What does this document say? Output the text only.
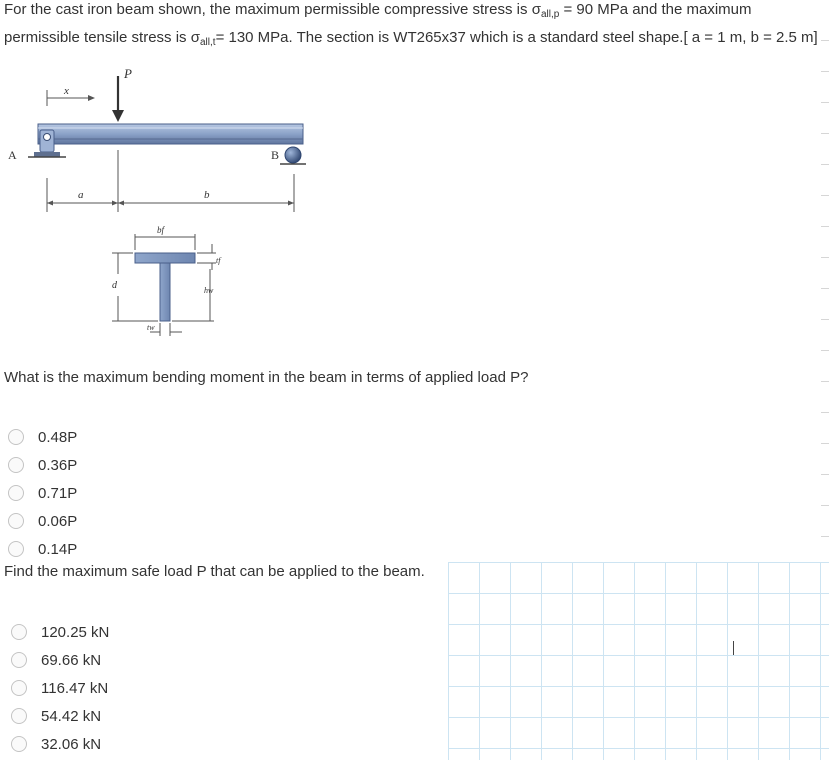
For the cast iron beam shown, the maximum permissible compressive stress is $\sigma_{all,p} = 90$ MPa and the maximum permissible tensile stress is $\sigma_{all,t}= 130$ MPa. The section is WT265x37 which is a standard steel shape.[ a = 1 m, b = 2.5 m]
x
P
A	B
a	b
bf
tf
hw
d
tw
What is the maximum bending moment in the beam in terms of applied load P?
0.48P
0.36P
0.71P
0.06P
0.14P
Find the maximum safe load P that can be applied to the beam.
120.25 kN
69.66 kN
116.47 kN
54.42 kN
32.06 kN
